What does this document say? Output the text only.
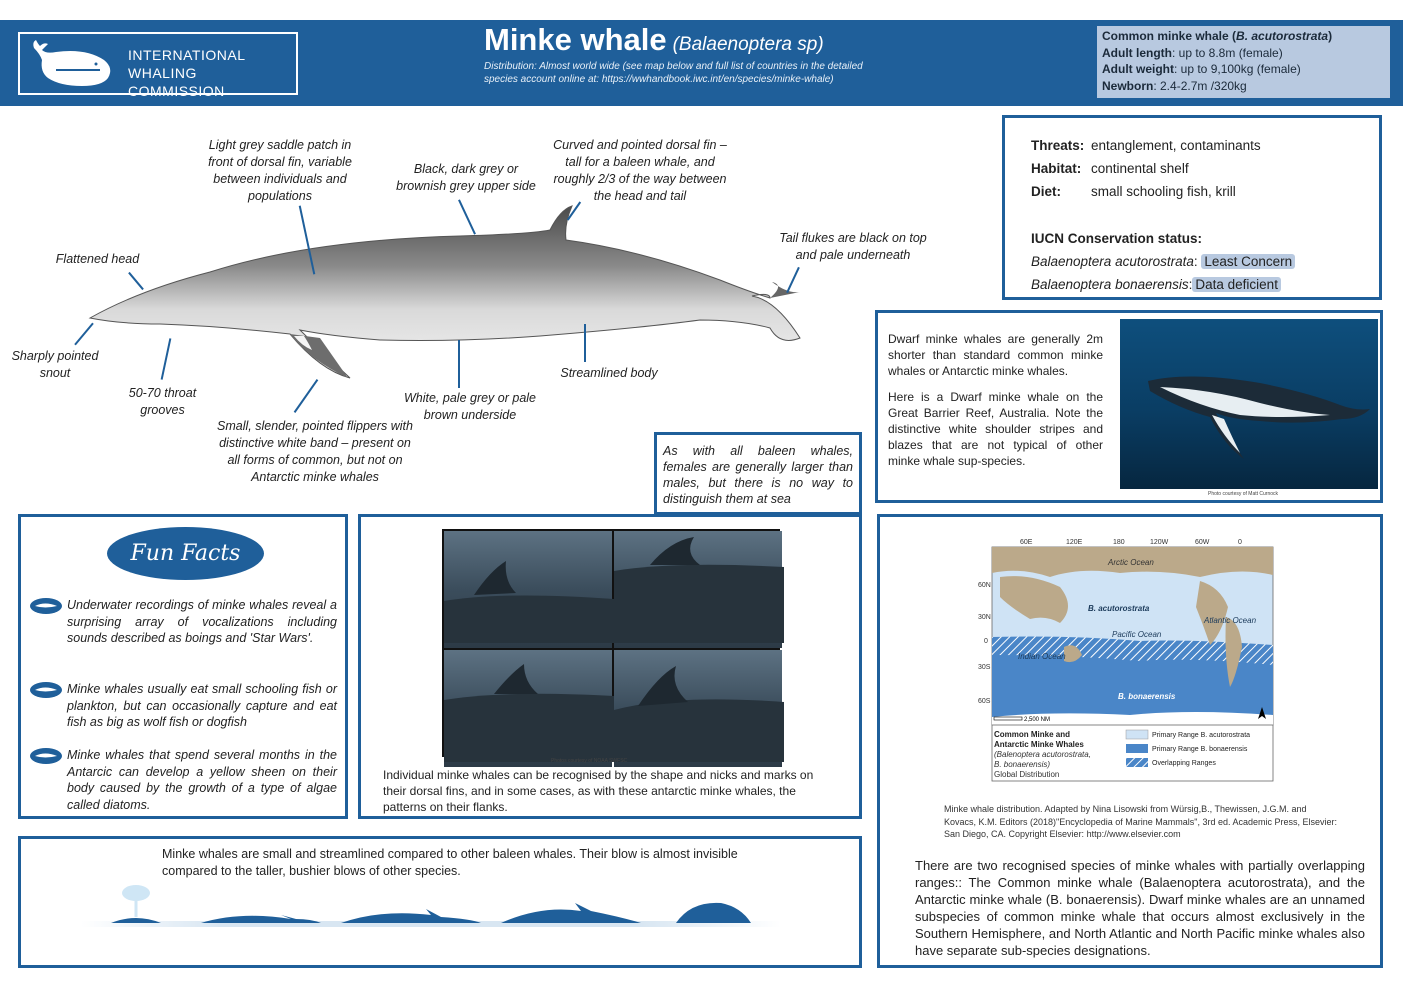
INTERNATIONAL
WHALING COMMISSION
Minke whale (Balaenoptera sp)
Distribution: Almost world wide (see map below and full list of countries in the detailed species account online at: https://wwhandbook.iwc.int/en/species/minke-whale)
Common minke whale (B. acutorostrata)
Adult length: up to 8.8m (female)
Adult weight: up to 9,100kg (female)
Newborn: 2.4-2.7m /320kg
Light grey saddle patch in front of dorsal fin, variable between individuals and populations
Black, dark grey or brownish grey upper side
Curved and pointed dorsal fin – tall for a baleen whale, and roughly 2/3 of the way between the head and tail
Tail flukes are black on top and pale underneath
Flattened head
Sharply pointed snout
50-70 throat grooves
Small, slender, pointed flippers with distinctive white band – present on all forms of common, but not on Antarctic minke whales
White, pale grey or pale brown underside
Streamlined body
Threats: entanglement, contaminants
Habitat: continental shelf
Diet:	small schooling fish, krill
IUCN Conservation status:
Balaenoptera acutorostrata: Least Concern
Balaenoptera bonaerensis: Data deficient

Dwarf minke whales are generally 2m shorter than standard common minke whales or Antarctic minke whales.

Here is a Dwarf minke whale on the Great Barrier Reef, Australia. Note the distinctive white shoulder stripes and blazes that are not typical of other minke whale sup-species.

Photo courtesy of Matt Curnock
As with all baleen whales, females are generally larger than males, but there is no way to distinguish them at sea
Fun Facts
Underwater recordings of minke whales reveal a surprising array of vocalizations including sounds described as boings and 'Star Wars'.
Minke whales usually eat small schooling fish or plankton, but can occasionally capture and eat fish as big as wolf fish or dogfish
Minke whales that spend several months in the Antarcic can develop a yellow sheen on their body caused by the growth of a type of algae called diatoms.
Photos courtesy of NOAA SWFSC
Individual minke whales can be recognised by the shape and nicks and marks on their dorsal fins, and in some cases, as with these antarctic minke whales, the patterns on their flanks.
60E	120E	180	120W	60W	0
60N
30N
0
30S
60S
Arctic Ocean
B. acutorostrata
Pacific Ocean
Atlantic Ocean
Indian Ocean
B. bonaerensis
2,500 NM
Common Minke and
Antarctic Minke Whales
(Balenoptera acutorostrata,
B. bonaerensis)
Global Distribution
Primary Range B. acutorostrata
Primary Range B. bonaerensis
Overlapping Ranges
Minke whale distribution. Adapted by Nina Lisowski from Würsig,B., Thewissen, J.G.M. and Kovacs, K.M. Editors (2018)"Encyclopedia of Marine Mammals", 3rd ed. Academic Press, Elsevier: San Diego, CA. Copyright Elsevier: http://www.elsevier.com
There are two recognised species of minke whales with partially overlapping ranges:: The Common minke whale (Balaenoptera acutorostrata), and the Antarctic minke whale (B. bonaerensis). Dwarf minke whales are an unnamed subspecies of common minke whale that occurs almost exclusively in the Southern Hemisphere, and North Atlantic and North Pacific minke whales also have separate sub-species designations.
Minke whales are small and streamlined compared to other baleen whales. Their blow is almost invisible compared to the taller, bushier blows of other species.
